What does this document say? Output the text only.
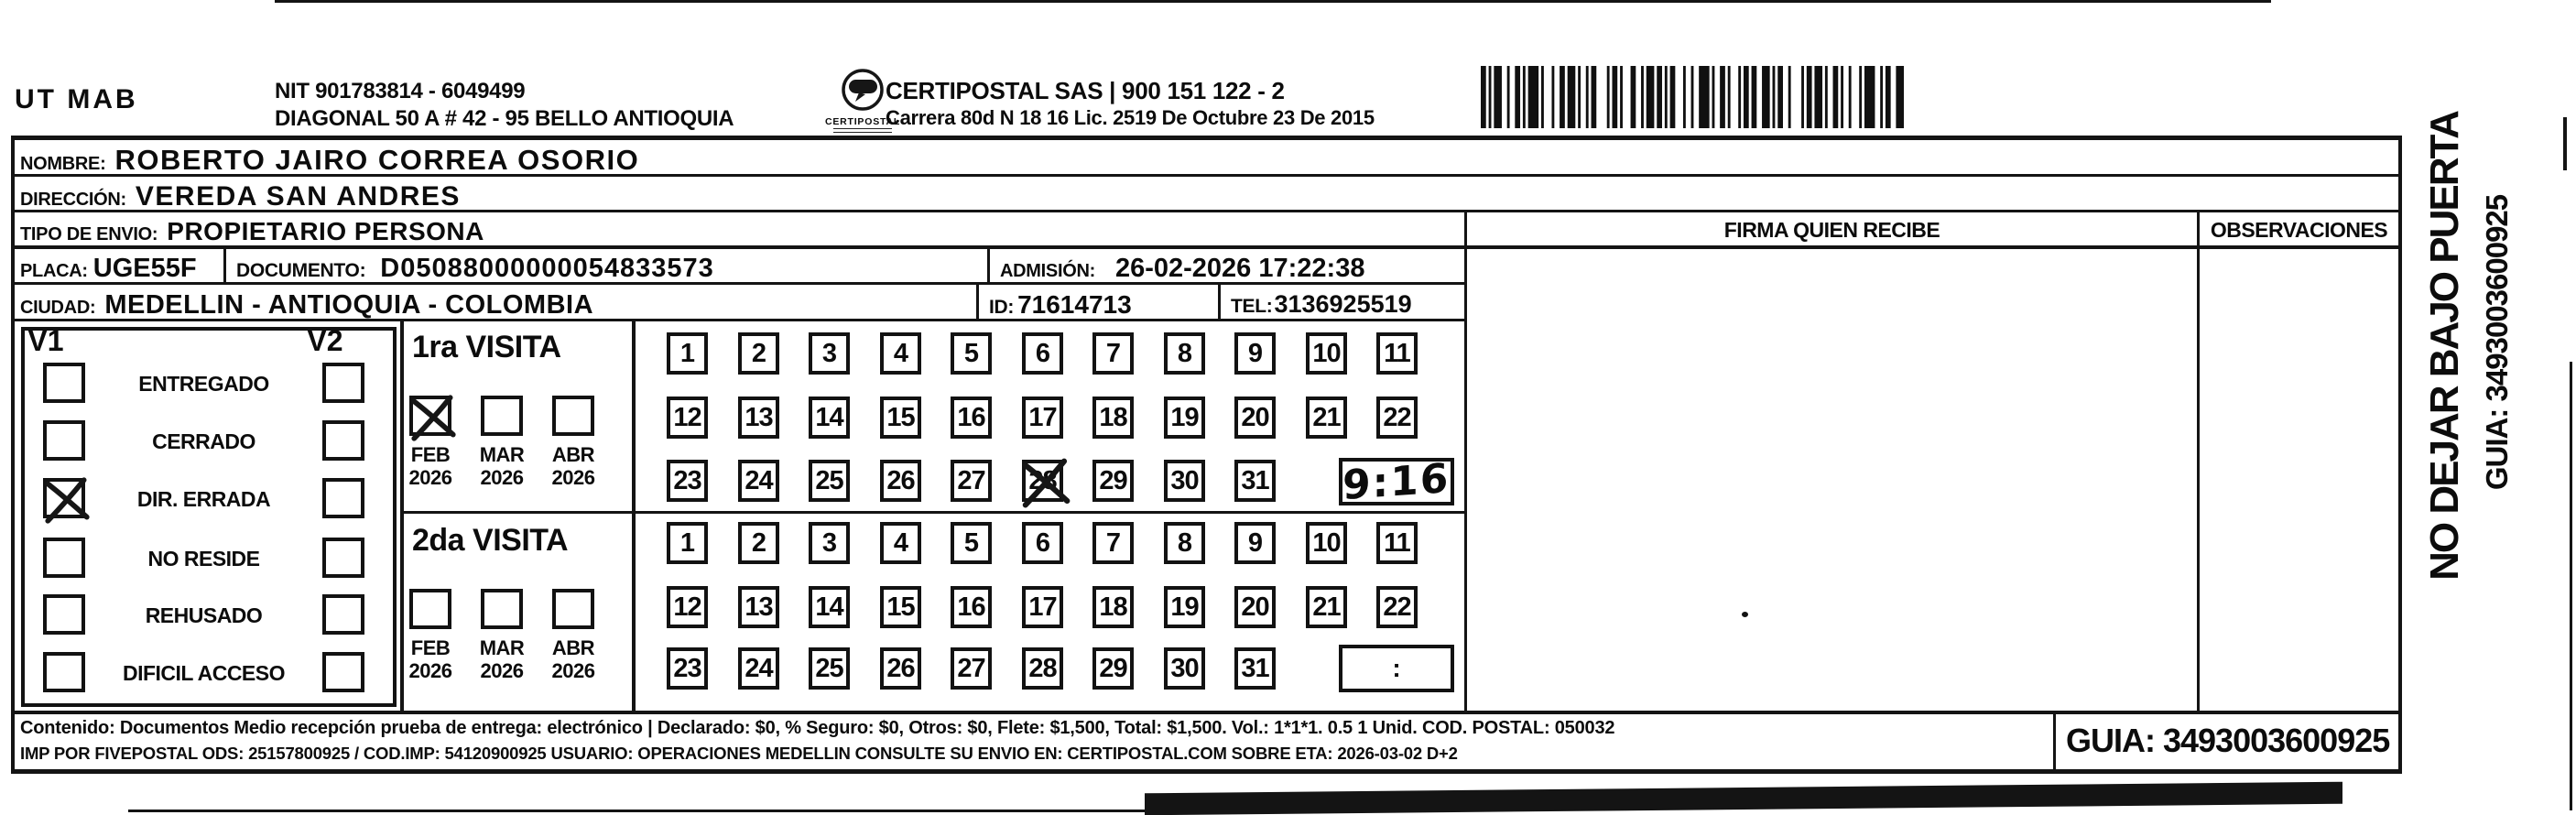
UT MAB	NIT 901783814 - 6049499
DIAGONAL 50 A # 42 - 95 BELLO ANTIOQUIA	CERTIPOSTAL
CERTIPOSTAL SAS | 900 151 122 - 2
Carrera 80d N 18 16 Lic. 2519 De Octubre 23 De 2015
NOMBRE: ROBERTO JAIRO CORREA OSORIO
DIRECCIÓN: VEREDA SAN ANDRES
TIPO DE ENVIO: PROPIETARIO PERSONA
PLACA: UGE55F DOCUMENTO: D05088000000054833573	ADMISIÓN: 26-02-2026 17:22:38
CIUDAD: MEDELLIN - ANTIOQUIA - COLOMBIA	ID: 71614713	TEL: 3136925519
FIRMA QUIEN RECIBE	OBSERVACIONES
V1	V2	1ra VISITA
2da VISITA
ENTREGADO
CERRADO
DIR. ERRADA
NO RESIDE
REHUSADO
DIFICIL ACCESO
FEB
2026
MAR
2026
ABR
2026
1	2	3	4	5	6	7	8	9	10 11
12 13 14 15 16 17 18 19 20 21 22
23 24 25 26 27 28 29 30 31 9:16
FEB
2026
MAR
2026
ABR
2026
1	2	3	4	5	6	7	8	9	10 11
12 13 14 15 16 17 18 19 20 21 22
23 24 25 26 27 28 29 30 31	:
Contenido: Documentos Medio recepción prueba de entrega: electrónico | Declarado: $0, % Seguro: $0, Otros: $0, Flete: $1,500, Total: $1,500. Vol.: 1*1*1. 0.5 1 Unid. COD. POSTAL: 050032
IMP POR FIVEPOSTAL ODS: 25157800925 / COD.IMP: 54120900925 USUARIO: OPERACIONES MEDELLIN CONSULTE SU ENVIO EN: CERTIPOSTAL.COM SOBRE ETA: 2026-03-02 D+2	GUIA: 3493003600925
NO DEJAR BAJO PUERTA GUIA: 3493003600925
